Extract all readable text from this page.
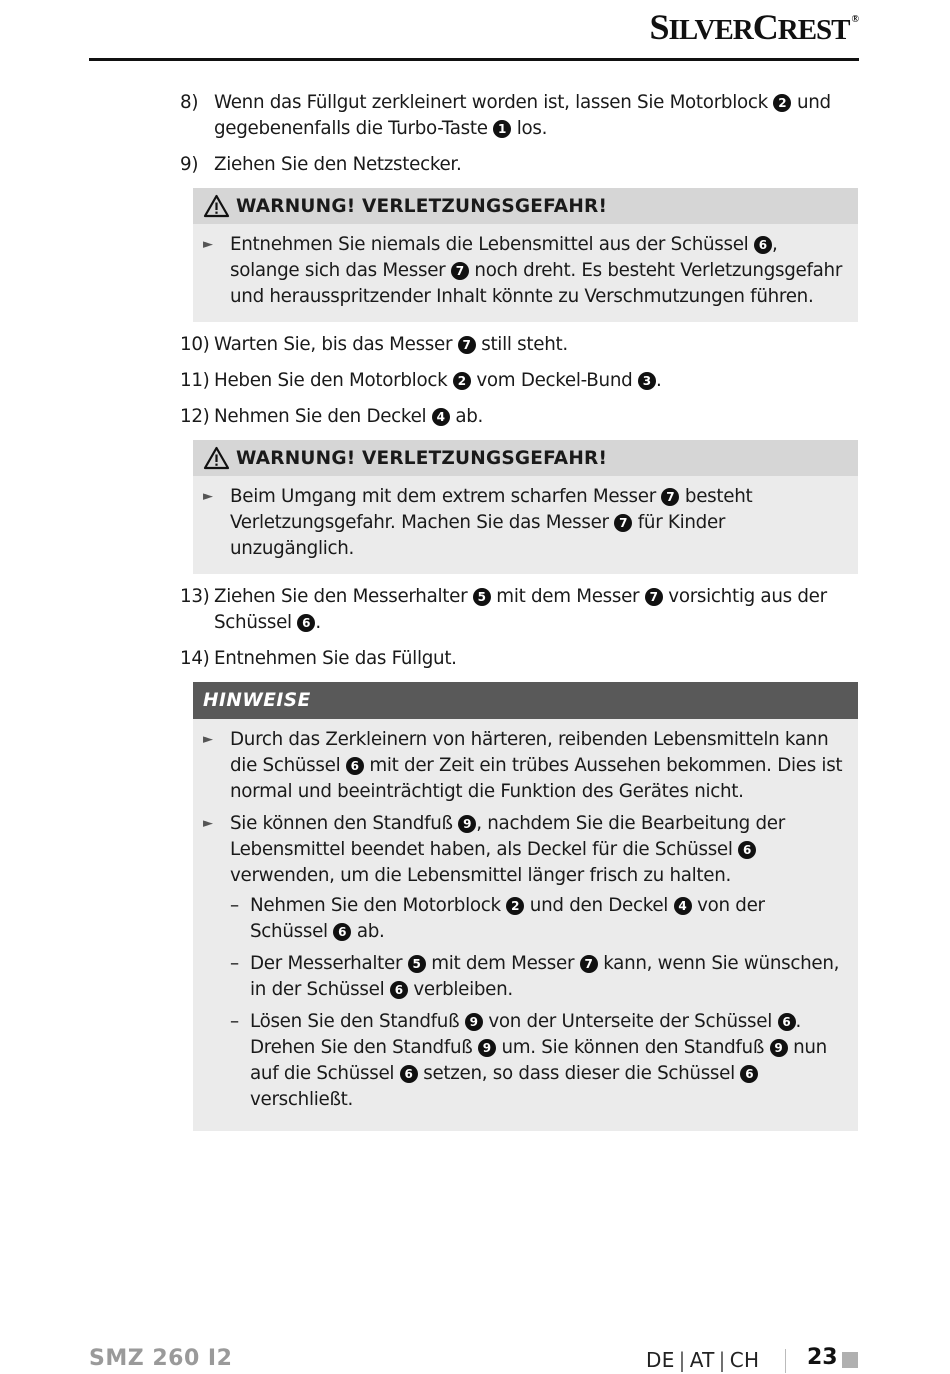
SILVERCREST ®
8) Wenn das Füllgut zerkleinert worden ist, lassen Sie Motorblock 2 und gegebenenfalls die Turbo-Taste 1 los.
9) Ziehen Sie den Netzstecker.
WARNUNG! VERLETZUNGSGEFAHR!
► Entnehmen Sie niemals die Lebensmittel aus der Schüssel 6 , solange sich das Messer 7 noch dreht. Es besteht Verletzungsgefahr und herausspritzender Inhalt könnte zu Verschmutzungen führen.
10) Warten Sie, bis das Messer 7 still steht.
11) Heben Sie den Motorblock 2 vom Deckel-Bund 3 .
12) Nehmen Sie den Deckel 4 ab.
WARNUNG! VERLETZUNGSGEFAHR!
► Beim Umgang mit dem extrem scharfen Messer 7 besteht Verletzungsgefahr. Machen Sie das Messer 7 für Kinder unzugänglich.
13) Ziehen Sie den Messerhalter 5 mit dem Messer 7 vorsichtig aus der Schüssel 6 .
14) Entnehmen Sie das Füllgut.
HINWEISE
► Durch das Zerkleinern von härteren, reibenden Lebensmitteln kann die Schüssel 6 mit der Zeit ein trübes Aussehen bekommen. Dies ist normal und beeinträchtigt die Funktion des Gerätes nicht.
► Sie können den Standfuß 9 , nachdem Sie die Bearbeitung der Lebensmittel beendet haben, als Deckel für die Schüssel 6 verwenden, um die Lebensmittel länger frisch zu halten.
– Nehmen Sie den Motorblock 2 und den Deckel 4 von der Schüssel 6 ab.
– Der Messerhalter 5 mit dem Messer 7 kann, wenn Sie wünschen, in der Schüssel 6 verbleiben.
– Lösen Sie den Standfuß 9 von der Unterseite der Schüssel 6 . Drehen Sie den Standfuß 9 um. Sie können den Standfuß 9 nun auf die Schüssel 6 setzen, so dass dieser die Schüssel 6 verschließt.
SMZ 260 I2	DE | AT | CH 23
